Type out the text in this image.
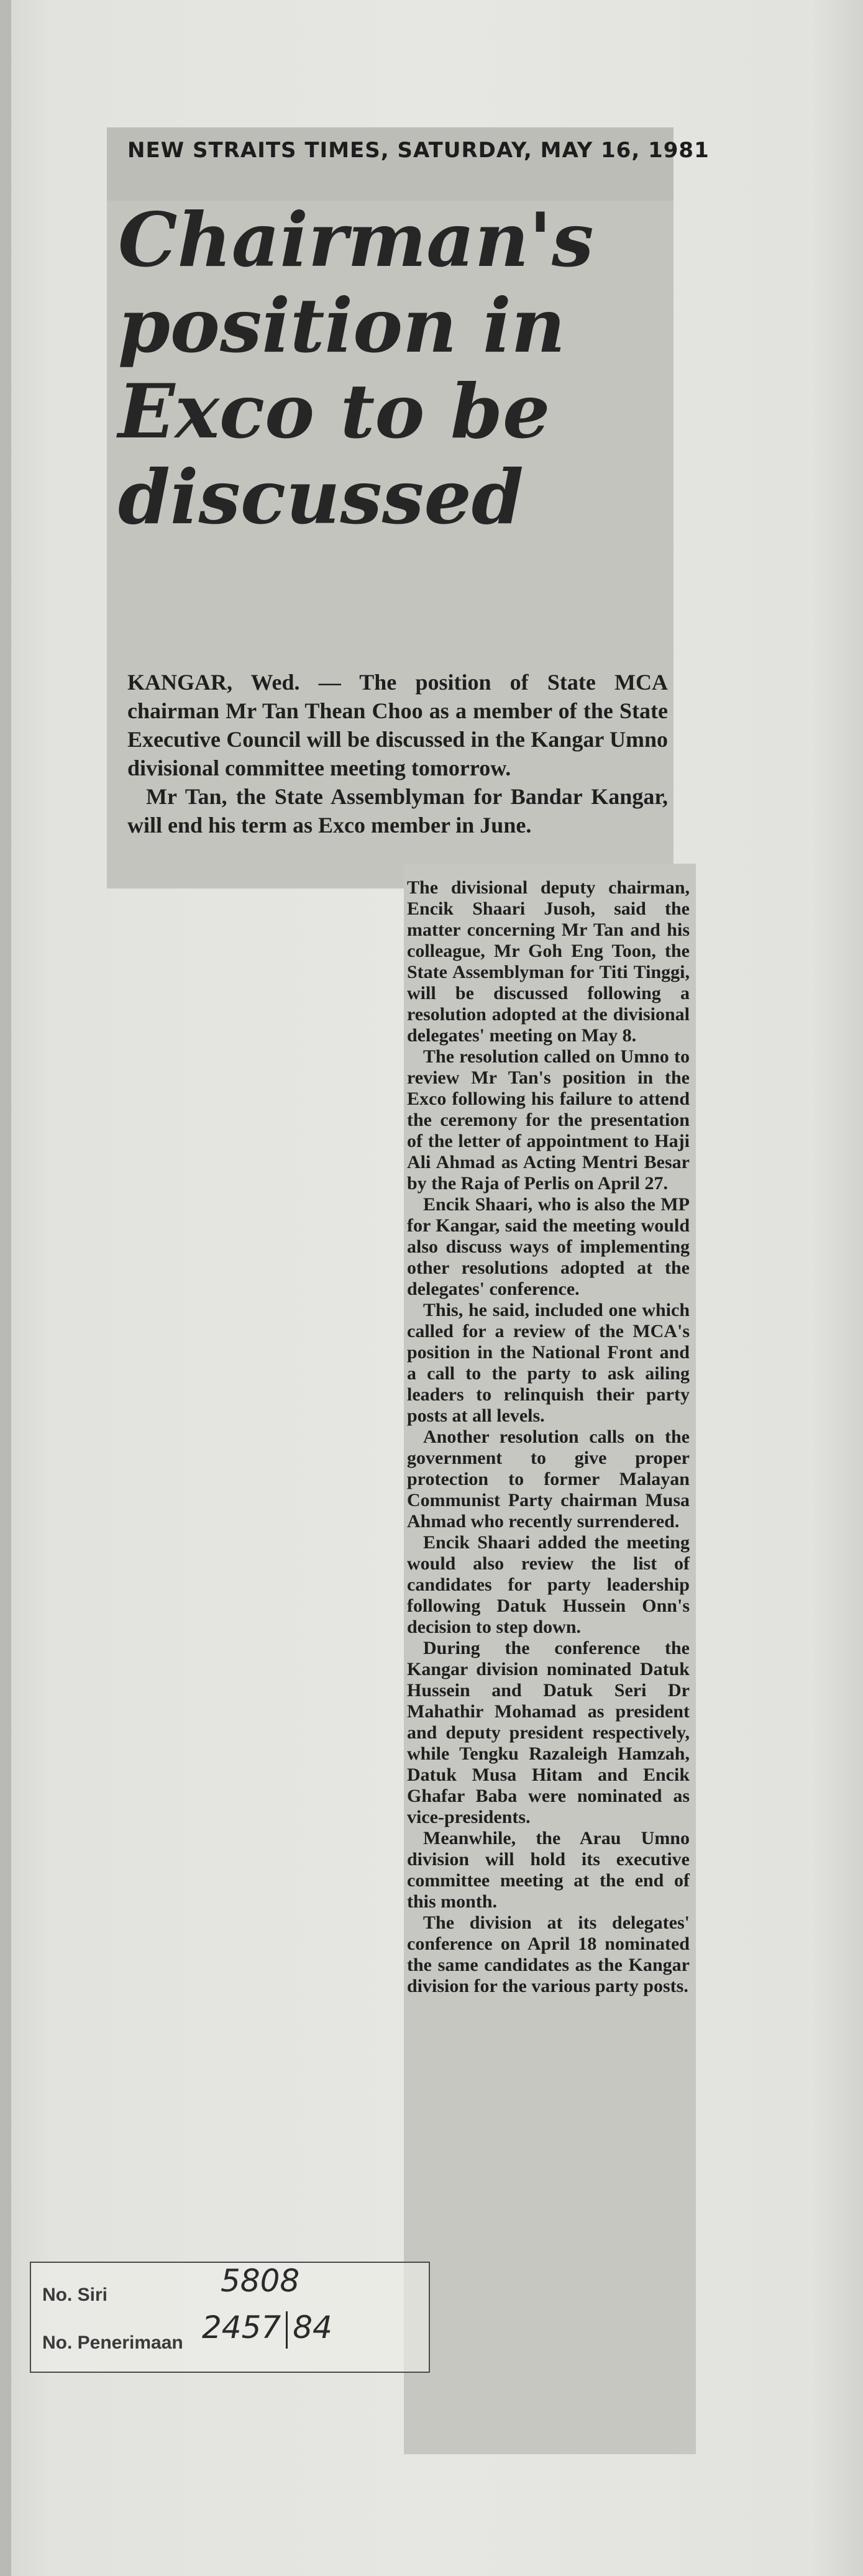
NEW STRAITS TIMES, SATURDAY, MAY 16, 1981
Chairman's
position in
Exco to be
discussed

KANGAR, Wed. — The position of State MCA chairman Mr Tan Thean Choo as a member of the State Executive Council will be discussed in the Kangar Umno divisional committee meeting tomorrow.

Mr Tan, the State Assemblyman for Bandar Kangar, will end his term as Exco member in June.

The divisional deputy chairman, Encik Shaari Jusoh, said the matter concerning Mr Tan and his colleague, Mr Goh Eng Toon, the State Assemblyman for Titi Tinggi, will be discussed following a resolution adopted at the divisional delegates' meeting on May 8.

The resolution called on Umno to review Mr Tan's position in the Exco following his failure to attend the ceremony for the presentation of the letter of appointment to Haji Ali Ahmad as Acting Mentri Besar by the Raja of Perlis on April 27.

Encik Shaari, who is also the MP for Kangar, said the meeting would also discuss ways of implementing other resolutions adopted at the delegates' conference.

This, he said, included one which called for a review of the MCA's position in the National Front and a call to the party to ask ailing leaders to relinquish their party posts at all levels.

Another resolution calls on the government to give proper protection to former Malayan Communist Party chairman Musa Ahmad who recently surrendered.

Encik Shaari added the meeting would also review the list of candidates for party leadership following Datuk Hussein Onn's decision to step down.

During the conference the Kangar division nominated Datuk Hussein and Datuk Seri Dr Mahathir Mohamad as president and deputy president respectively, while Tengku Razaleigh Hamzah, Datuk Musa Hitam and Encik Ghafar Baba were nominated as vice-presidents.

Meanwhile, the Arau Umno division will hold its executive committee meeting at the end of this month.

The division at its delegates' conference on April 18 nominated the same candidates as the Kangar division for the various party posts.

No. Siri
No. Penerimaan
5808
2457 84
